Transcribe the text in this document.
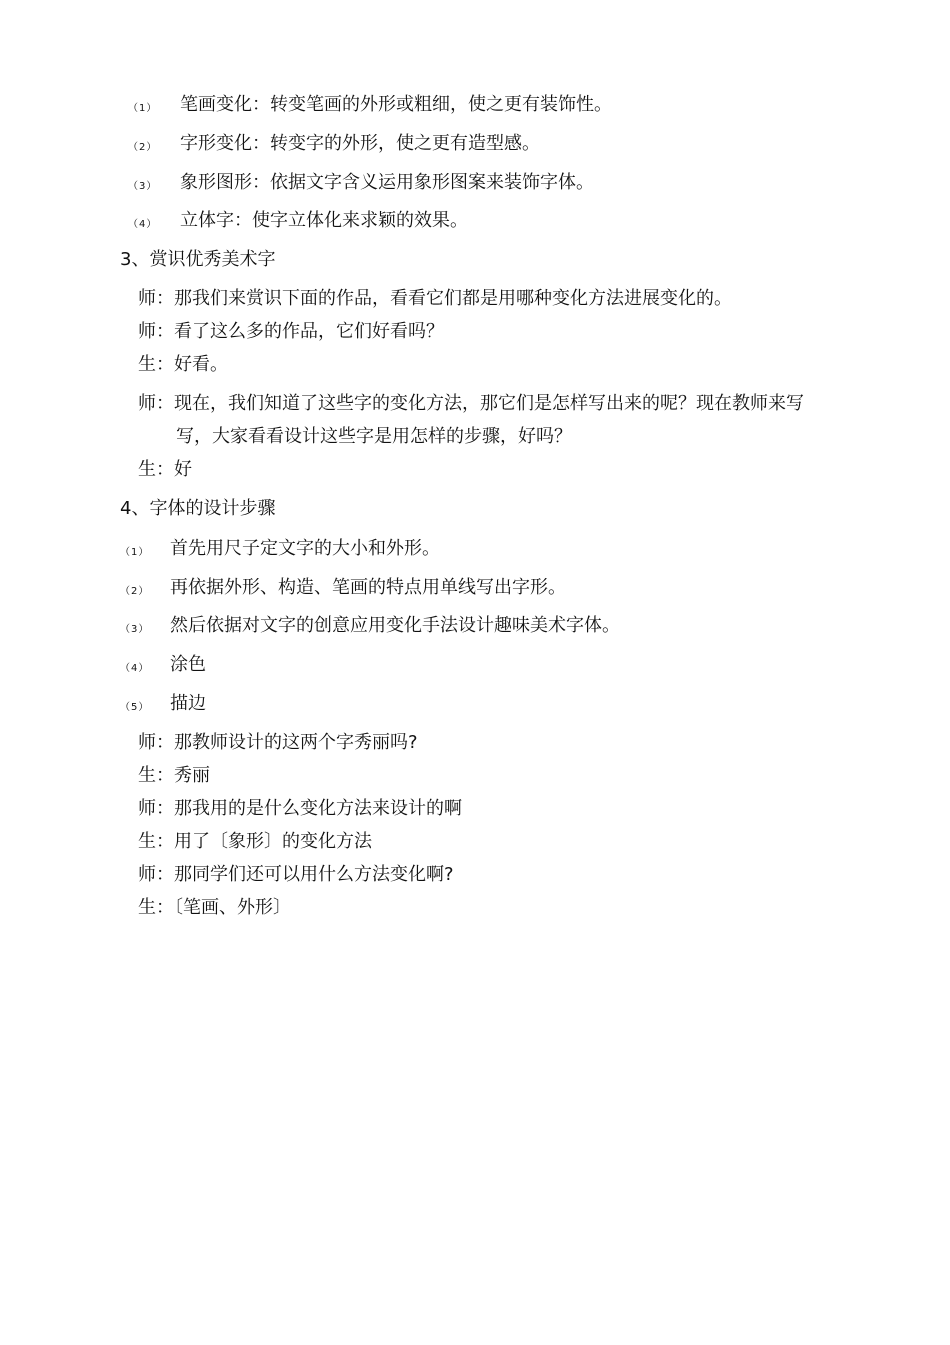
（1） 笔画变化：转变笔画的外形或粗细，使之更有装饰性。
（2） 字形变化：转变字的外形，使之更有造型感。
（3） 象形图形：依据文字含义运用象形图案来装饰字体。
（4） 立体字：使字立体化来求颖的效果。
3、赏识优秀美术字
师：那我们来赏识下面的作品，看看它们都是用哪种变化方法进展变化的。
师：看了这么多的作品，它们好看吗？
生：好看。
师：现在，我们知道了这些字的变化方法，那它们是怎样写出来的呢？现在教师来写
写，大家看看设计这些字是用怎样的步骤，好吗？
生：好
4、字体的设计步骤
（1） 首先用尺子定文字的大小和外形。
（2） 再依据外形、构造、笔画的特点用单线写出字形。
（3） 然后依据对文字的创意应用变化手法设计趣味美术字体。
（4） 涂色
（5） 描边
师：那教师设计的这两个字秀丽吗?
生：秀丽
师：那我用的是什么变化方法来设计的啊
生：用了〔象形〕的变化方法
师：那同学们还可以用什么方法变化啊?
生：〔笔画、外形〕
